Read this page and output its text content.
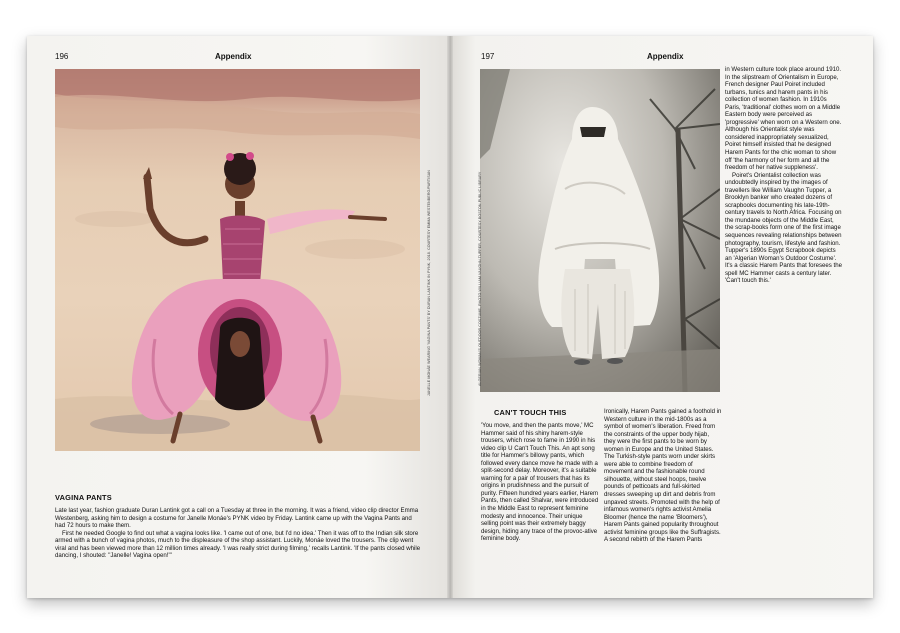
196	Appendix
JANELLE MONÁE WEARING 'VAGINA PANTS' BY DURAN LANTINK IN PYNK, 2018. COURTESY EMMA WESTENBERG/PARTISAN
VAGINA PANTS

Late last year, fashion graduate Duran Lantink got a call on a Tuesday at three in the morning. It was a friend, video clip director Emma Westenberg, asking him to design a costume for Janelle Monáe's PYNK video by Friday. Lantink came up with the Vagina Pants and had 72 hours to make them.

First he needed Google to find out what a vagina looks like. 'I came out of one, but I'd no idea.' Then it was off to the Indian silk store armed with a bunch of vagina photos, much to the displeasure of the shop assistant. Luckily, Monáe loved the trousers. The clip went viral and has been viewed more than 12 million times already. 'I was really strict during filming,' recalls Lantink. 'If the pants closed while dancing, I shouted: "Janelle! Vagina open!"'

197	Appendix
ALGERIAN WOMAN'S OUTDOOR COSTUME, PHOTO WILLIAM VAUGHN TUPPER, COURTESY BOSTON PUBLIC LIBRARY

in Western culture took place around 1910. In the slipstream of Orientalism in Europe, French designer Paul Poiret included turbans, tunics and harem pants in his collection of women fashion. In 1910s Paris, 'traditional' clothes worn on a Middle Eastern body were perceived as 'progressive' when worn on a Western one. Although his Orientalist style was considered inappropriately sexualized, Poiret himself insisted that he designed Harem Pants for the chic woman to show off 'the harmony of her form and all the freedom of her native suppleness'.

Poiret's Orientalist collection was undoubtedly inspired by the images of travellers like William Vaughn Tupper, a Brooklyn banker who created dozens of scrapbooks documenting his late-19th-century travels to North Africa. Focusing on the mundane objects of the Middle East, the scrap-books form one of the first image sequences revealing relationships between photography, tourism, lifestyle and fashion. Tupper's 1890s Egypt Scrapbook depicts an 'Algerian Woman's Outdoor Costume'. It's a classic Harem Pants that foresees the spell MC Hammer casts a century later. 'Can't touch this.'

CAN'T TOUCH THIS

'You move, and then the pants move,' MC Hammer said of his shiny harem-style trousers, which rose to fame in 1990 in his video clip U Can't Touch This. An apt song title for Hammer's billowy pants, which followed every dance move he made with a split-second delay. Moreover, it's a suitable warning for a pair of trousers that has its origins in prudishness and the pursuit of purity. Fifteen hundred years earlier, Harem Pants, then called Shalvar, were introduced in the Middle East to represent feminine modesty and innocence. Their unique selling point was their extremely baggy design, hiding any trace of the provoc-ative feminine body.

Ironically, Harem Pants gained a foothold in Western culture in the mid-1800s as a symbol of women's liberation. Freed from the constraints of the upper body hijab, they were the first pants to be worn by women in Europe and the United States. The Turkish-style pants worn under skirts were able to combine freedom of movement and the fashionable round silhouette, without steel hoops, twelve pounds of petticoats and full-skirted dresses sweeping up dirt and debris from unpaved streets. Promoted with the help of infamous women's rights activist Amelia Bloomer (hence the name 'Bloomers'), Harem Pants gained popularity throughout activist feminine groups like the Suffragists. A second rebirth of the Harem Pants
